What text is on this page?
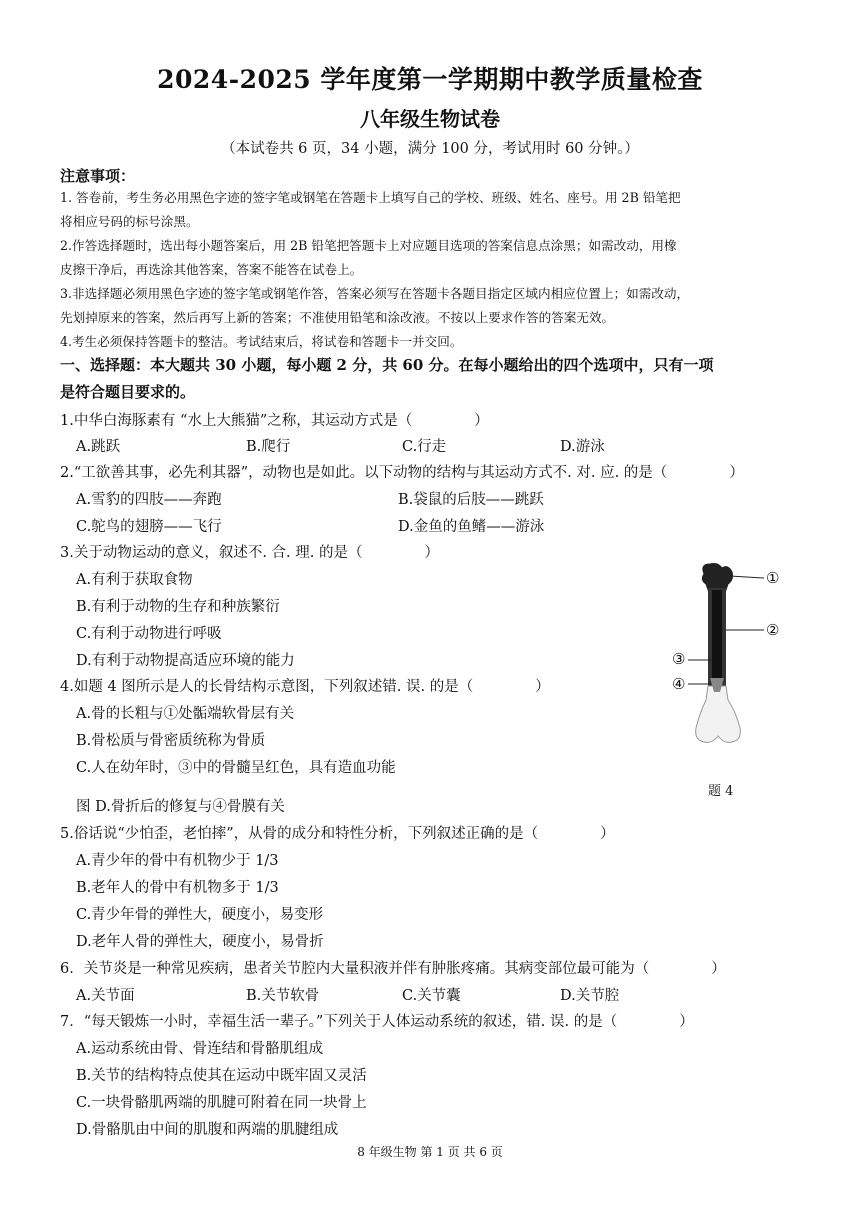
2024-2025 学年度第一学期期中教学质量检查
八年级生物试卷
（本试卷共 6 页，34 小题，满分 100 分，考试用时 60 分钟。）
注意事项：
1. 答卷前，考生务必用黑色字迹的签字笔或钢笔在答题卡上填写自己的学校、班级、姓名、座号。用 2B 铅笔把
将相应号码的标号涂黑。
2.作答选择题时，选出每小题答案后，用 2B 铅笔把答题卡上对应题目选项的答案信息点涂黑；如需改动，用橡
皮擦干净后，再选涂其他答案，答案不能答在试卷上。
3.非选择题必须用黑色字迹的签字笔或钢笔作答，答案必须写在答题卡各题目指定区域内相应位置上；如需改动，
先划掉原来的答案，然后再写上新的答案；不准使用铅笔和涂改液。不按以上要求作答的答案无效。
4.考生必须保持答题卡的整洁。考试结束后，将试卷和答题卡一并交回。
一、选择题：本大题共 30 小题，每小题 2 分，共 60 分。在每小题给出的四个选项中，只有一项
是符合题目要求的。
1.中华白海豚素有 “水上大熊猫”之称，其运动方式是（	）
A.跳跃	B.爬行	C.行走	D.游泳
2.“工欲善其事，必先利其器”，动物也是如此。以下动物的结构与其运动方式不. 对. 应. 的是（	）
A.雪豹的四肢——奔跑	B.袋鼠的后肢——跳跃
C.鸵鸟的翅膀——飞行	D.金鱼的鱼鳍——游泳
3.关于动物运动的意义，叙述不. 合. 理. 的是（	）
A.有利于获取食物
B.有利于动物的生存和种族繁衍
C.有利于动物进行呼吸
D.有利于动物提高适应环境的能力
4.如题 4 图所示是人的长骨结构示意图，下列叙述错. 误. 的是（	）
A.骨的长粗与①处骺端软骨层有关
B.骨松质与骨密质统称为骨质
C.人在幼年时，③中的骨髓呈红色，具有造血功能
图 D.骨折后的修复与④骨膜有关
①
②
③
④
题 4
5.俗话说“少怕歪，老怕摔”，从骨的成分和特性分析，下列叙述正确的是（	）
A.青少年的骨中有机物少于 1/3
B.老年人的骨中有机物多于 1/3
C.青少年骨的弹性大，硬度小，易变形
D.老年人骨的弹性大，硬度小，易骨折
6．关节炎是一种常见疾病，患者关节腔内大量积液并伴有肿胀疼痛。其病变部位最可能为（	）
A.关节面	B.关节软骨	C.关节囊	D.关节腔
7．“每天锻炼一小时，幸福生活一辈子。”下列关于人体运动系统的叙述，错. 误. 的是（	）
A.运动系统由骨、骨连结和骨骼肌组成
B.关节的结构特点使其在运动中既牢固又灵活
C.一块骨骼肌两端的肌腱可附着在同一块骨上
D.骨骼肌由中间的肌腹和两端的肌腱组成
8 年级生物 第 1 页 共 6 页
